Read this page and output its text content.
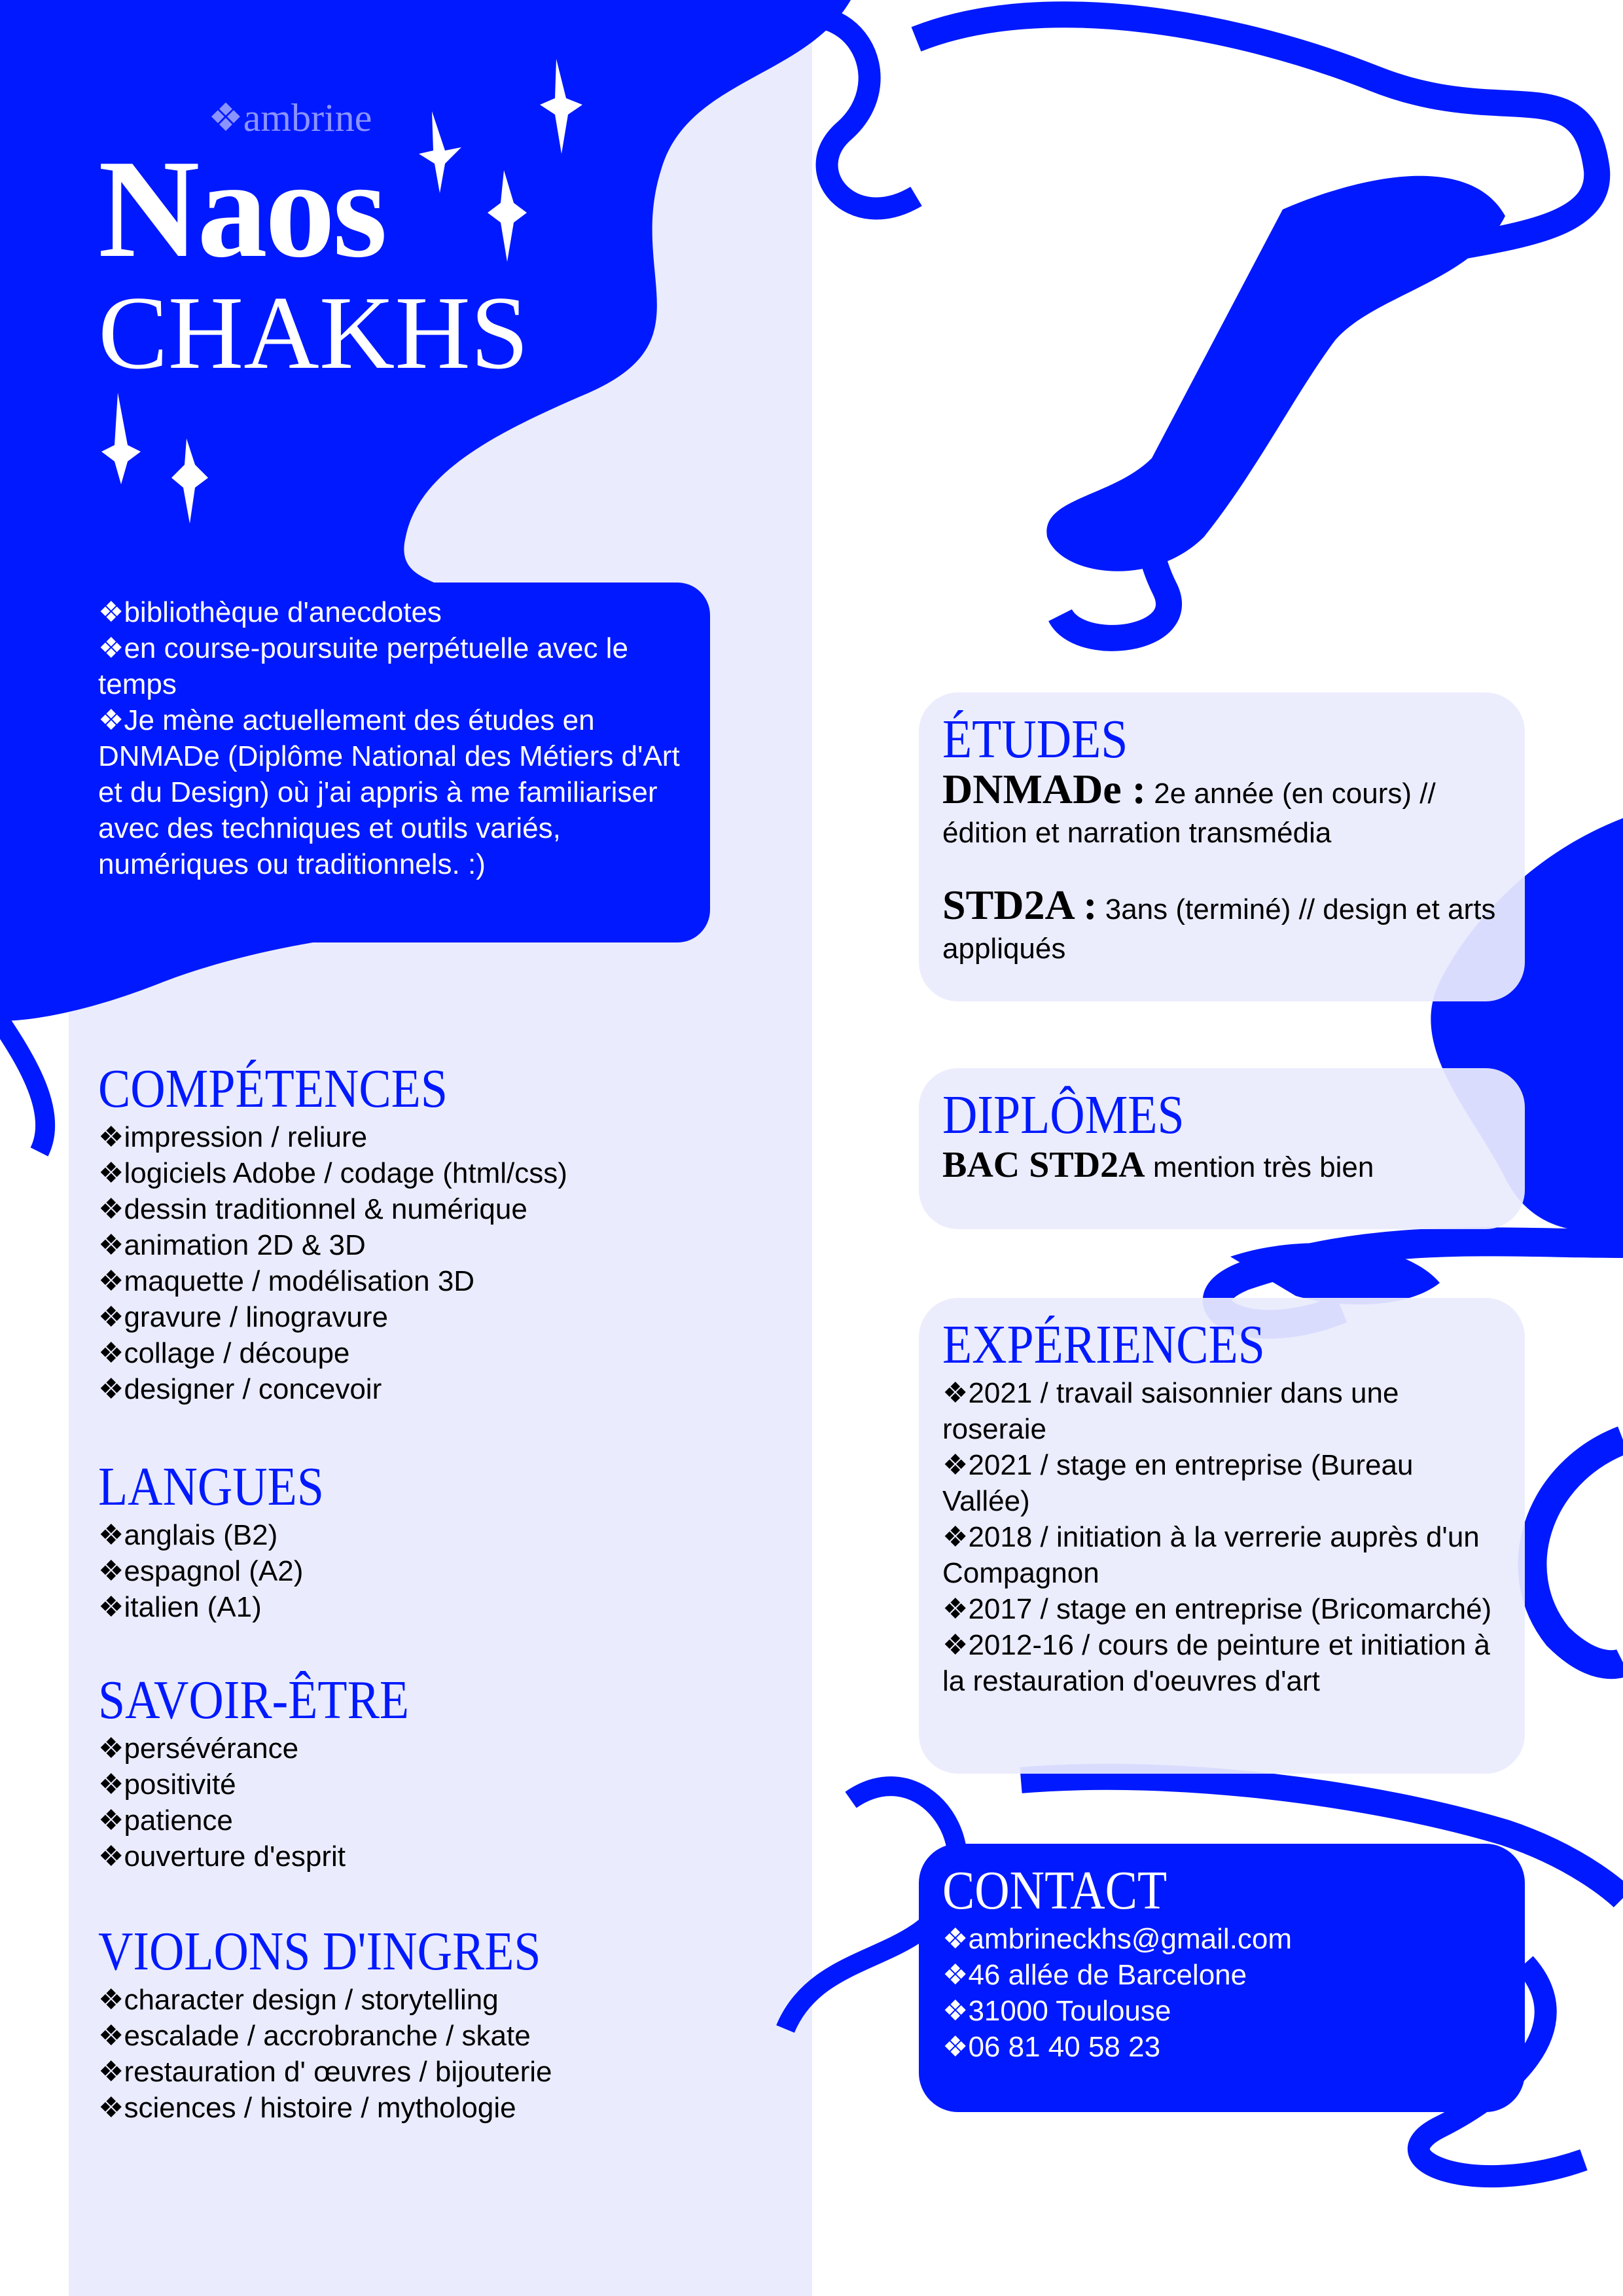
❖ambrine
Naos
CHAKHS

❖ bibliothèque d'anecdotes

❖ en course-poursuite perpétuelle avec le temps

❖ Je mène actuellement des études en DNMADe (Diplôme National des Métiers d'Art et du Design) où j'ai appris à me familiariser avec des techniques et outils variés, numériques ou traditionnels. :)

COMPÉTENCES
❖ impression / reliure
❖ logiciels Adobe / codage (html/css)
❖ dessin traditionnel & numérique
❖ animation 2D & 3D
❖ maquette / modélisation 3D
❖ gravure / linogravure
❖ collage / découpe
❖ designer / concevoir
LANGUES
❖ anglais (B2)
❖ espagnol (A2)
❖ italien (A1)
SAVOIR-ÊTRE
❖ persévérance
❖ positivité
❖ patience
❖ ouverture d'esprit
VIOLONS D'INGRES
❖ character design / storytelling
❖ escalade / accrobranche / skate
❖ restauration d' œuvres / bijouterie
❖ sciences / histoire / mythologie
ÉTUDES

DNMADe : 2e année (en cours) // édition et narration transmédia

STD2A : 3ans (terminé) // design et arts appliqués

DIPLÔMES

BAC STD2A mention très bien

EXPÉRIENCES
❖ 2021 / travail saisonnier dans une roseraie
❖ 2021 / stage en entreprise (Bureau Vallée)
❖ 2018 / initiation à la verrerie auprès d'un Compagnon
❖ 2017 / stage en entreprise (Bricomarché)
❖ 2012-16 / cours de peinture et initiation à la restauration d'oeuvres d'art
CONTACT
❖ ambrineckhs@gmail.com
❖ 46 allée de Barcelone
❖ 31000 Toulouse
❖ 06 81 40 58 23
